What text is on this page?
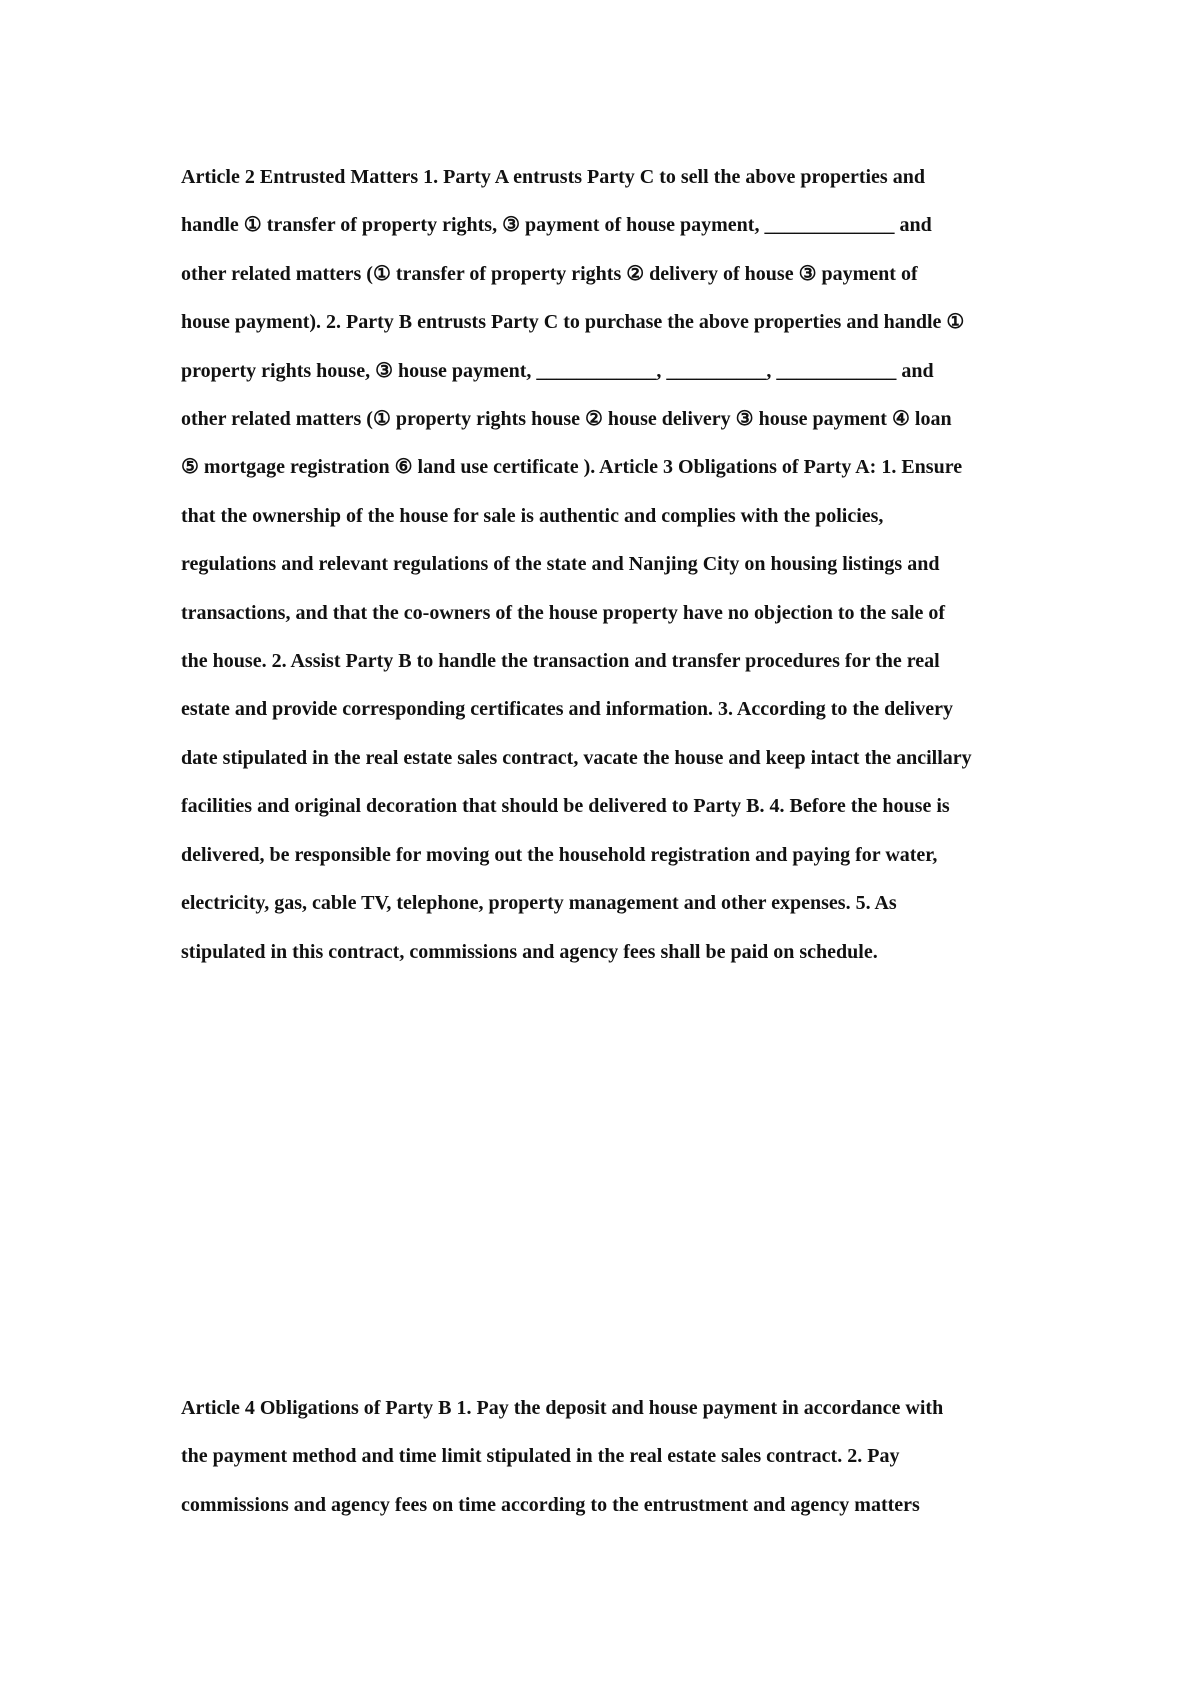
Article 2 Entrusted Matters 1. Party A entrusts Party C to sell the above properties and
handle ① transfer of property rights, ③ payment of house payment, _____________ and
other related matters (① transfer of property rights ② delivery of house ③ payment of
house payment). 2. Party B entrusts Party C to purchase the above properties and handle ①
property rights house, ③ house payment, ____________, __________, ____________ and
other related matters (① property rights house ② house delivery ③ house payment ④ loan
⑤ mortgage registration ⑥ land use certificate ). Article 3 Obligations of Party A: 1. Ensure
that the ownership of the house for sale is authentic and complies with the policies,
regulations and relevant regulations of the state and Nanjing City on housing listings and
transactions, and that the co-owners of the house property have no objection to the sale of
the house. 2. Assist Party B to handle the transaction and transfer procedures for the real
estate and provide corresponding certificates and information. 3. According to the delivery
date stipulated in the real estate sales contract, vacate the house and keep intact the ancillary
facilities and original decoration that should be delivered to Party B. 4. Before the house is
delivered, be responsible for moving out the household registration and paying for water,
electricity, gas, cable TV, telephone, property management and other expenses. 5. As
stipulated in this contract, commissions and agency fees shall be paid on schedule.

Article 4 Obligations of Party B 1. Pay the deposit and house payment in accordance with
the payment method and time limit stipulated in the real estate sales contract. 2. Pay
commissions and agency fees on time according to the entrustment and agency matters
